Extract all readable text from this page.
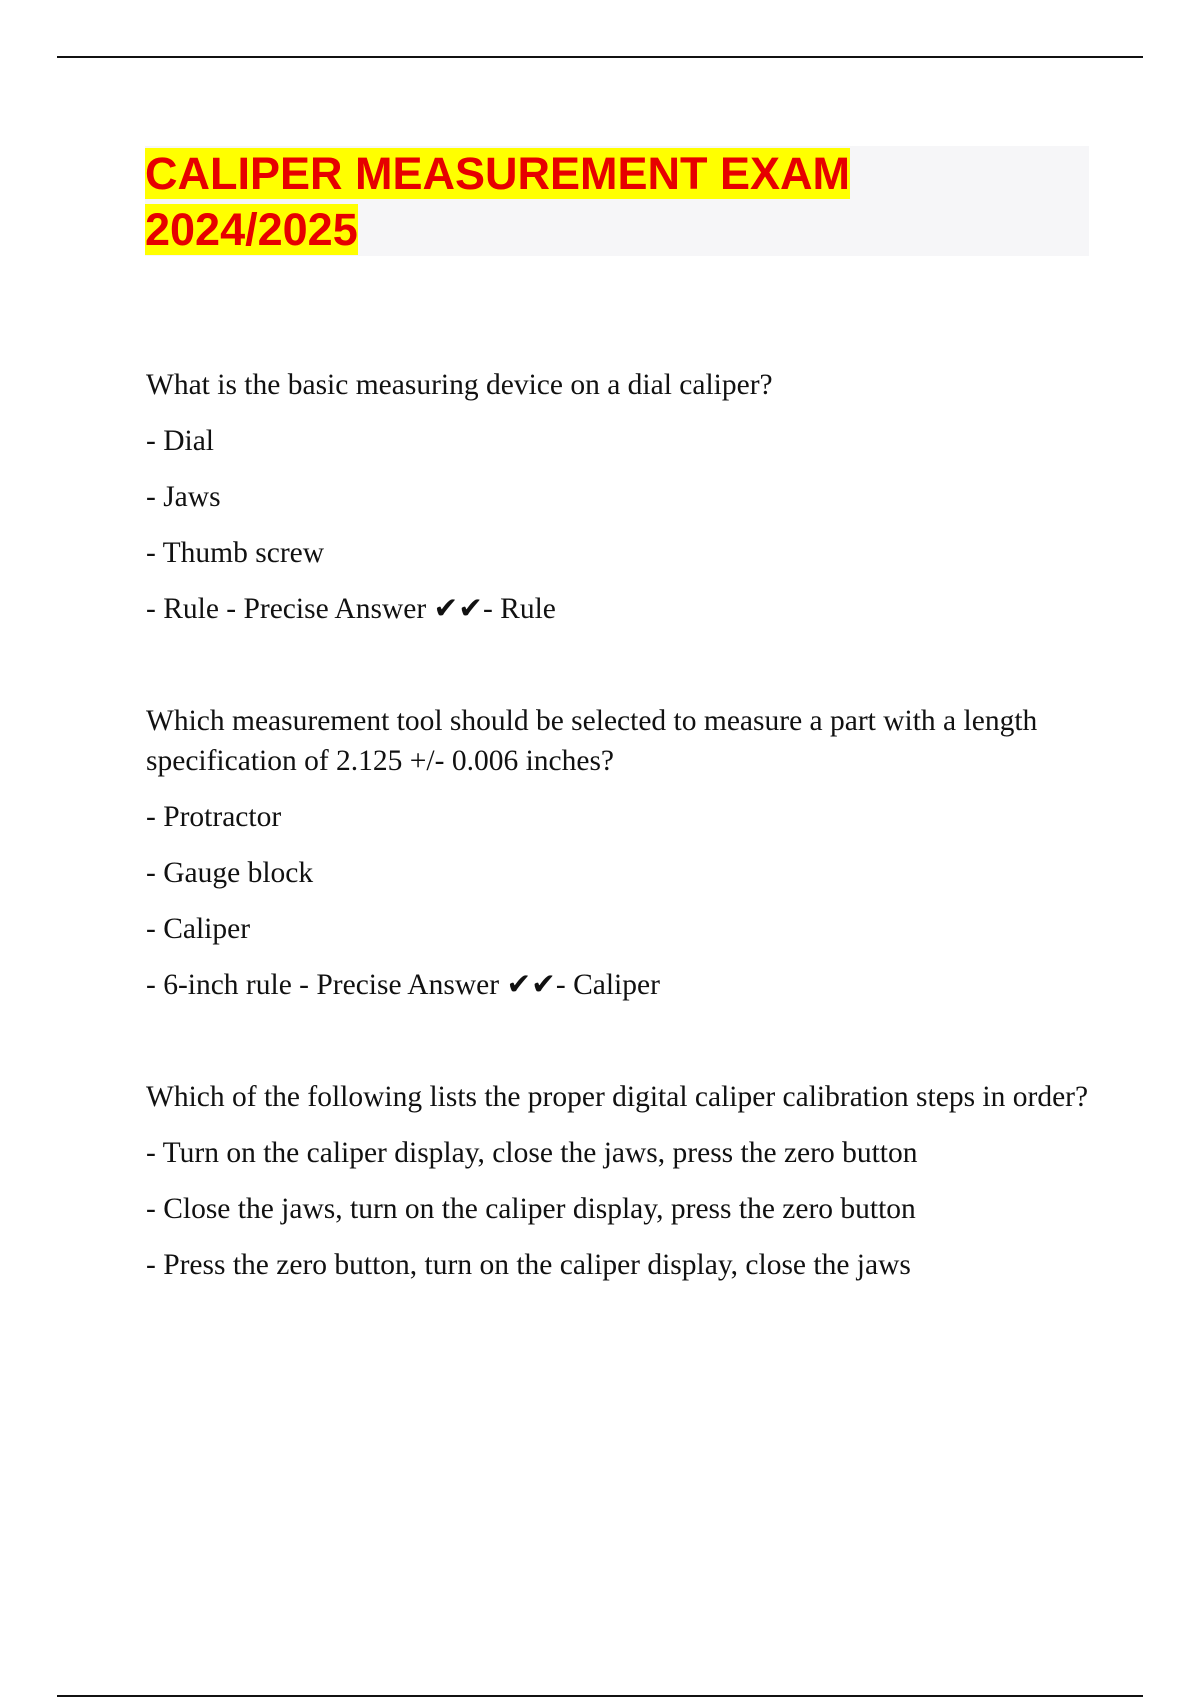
CALIPER MEASUREMENT EXAM
2024/2025

What is the basic measuring device on a dial caliper?

- Dial

- Jaws

- Thumb screw

- Rule - Precise Answer ✔✔- Rule

Which measurement tool should be selected to measure a part with a length specification of 2.125 +/- 0.006 inches?

- Protractor

- Gauge block

- Caliper

- 6-inch rule - Precise Answer ✔✔- Caliper

Which of the following lists the proper digital caliper calibration steps in order?

- Turn on the caliper display, close the jaws, press the zero button

- Close the jaws, turn on the caliper display, press the zero button

- Press the zero button, turn on the caliper display, close the jaws
